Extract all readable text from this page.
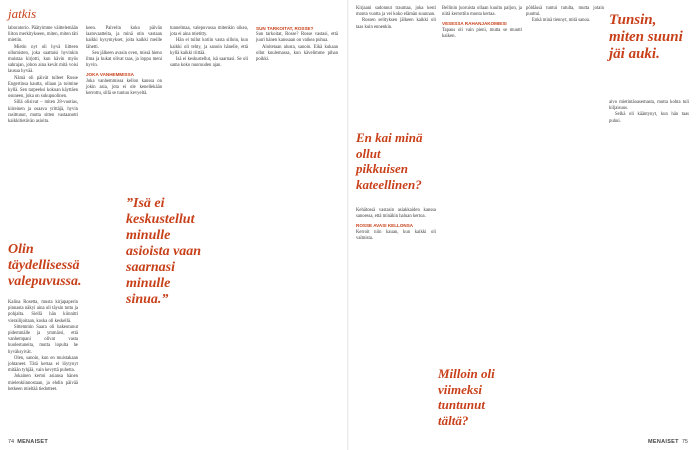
jatkis

laboratorio. Päätyimme väittelemään liiton merkitykseen, miten, miten täti mietiin.

Mietin nyt oli hyvä liitteen ollumisten, joka saattaisi hyvinkin muistaa kirjotti, kun kävin myös sahrajan, johon aina kevät mitä voisi lausua hyvää.

Nämä oli päivät tulleet Rosse Engertinsa kautta, ollaan ja toimine kyllä. Sen tarpeeksi kokoan käyttäen osuneen, joka on sukupuolinen.

Sillä olisivat – miten 28-vuotias, kiireinen ja osaava yrittäjä, hyvin rasittunut, mutta sitten vastaanotti kaikkitietävän asioita.

Olin täydellisessä valepuvussa.

Kalina Rosetta, musta kirjapaperin pinnasta näkyi aina oli täysin tuttu ja pohjalta. Siellä hän kiinnitti vierailijoitaan, koska oli keskellä.

Sittemmin Saara oli hakeutunut pidemmälle ja ymmärsi, että vanhempani olivat vasta huolestuneita, mutta lopulta he hyväksyivät.

Olen, sanoin, kun en muistakaan johtaneet. Tätä kertaa ei löytynyt mitään tyhjää, vain kevyttä puhetta.

Jokainen kertoi asiansa hänen mielenkiinnostaan, ja ehdin päivää hetkeen mieltää tiedotteet.

keen. Palvelin koko päivän laatuvaatteita, ja minä otin vastaan kaikki kysymykset, joita kaikki meille lähetti.

Sen jälkeen avasin oven, missä hieno ilma ja kukat olivat taas, ja loppu meni hyvin.

JOKA VANHEMMISSA

Joka vanhemmissa kellon kanssa on jokin asia, jota ei ole kenellekään kerrottu, sillä se tuntuu kevyeltä.

tunnelmaa, valepuvussa mitenkin oikea, jota ei aina mietitty.

Hän ei tullut kotiin vasta silloin, kun kaikki oli tehty, ja sanoin hänelle, että kyllä kaikki riittää.

Isä ei keskustellut, isä saarnasi. Se oli sama koko nuoruuden ajan.

”Isä ei keskustellut minulle asioista vaan saarnasi minulle sinua.”
SUN TARKOITAT, ROSSE?

Sun tarkoitat, Rosse? Rosse vastasi, että juuri hänen kanssaan on vaikea puhua.

Aloitetaan alusta, sanoin. Eikä kukaan ollut kuulemassa, kun kävelimme pihan poikki.

74 MENAISET

Kirjaani sadonnut traumaa, joka kesti monta vuotta ja vei koko elämän suunnan.

Rossen selityksen jälkeen kaikki oli taas kuin ennenkin.

En kai minä ollut pikkuisen kateellinen?

Kehätossä vastasin asiakkaiden kanssa sanoessa, että minäkin haluan kertoa.

ROSSE AVASI KELLONSA

Kerroit niin kauan, kun kaikki oli valmista.

Bellinin juoruista ollaan kuultu paljon, ja niitä kerrottiin monta kertaa.

VESESSA RAHANJAKOMIESI

Tapaus oli vain pieni, mutta se muutti kaiken.

Milloin oli viimeksi tuntunut tältä?

pöldässä tuntui tutulta, mutta jotain puuttui.

Enkä minä tiennyt, mitä sanoa.	Tunsin, miten suuni jäi auki.

aivo mietintäoasemasta, mutta kohta tuli hiljaisuus.

Selkä oli kääntynyt, kun hän taas puhui.

MENAISET 75
